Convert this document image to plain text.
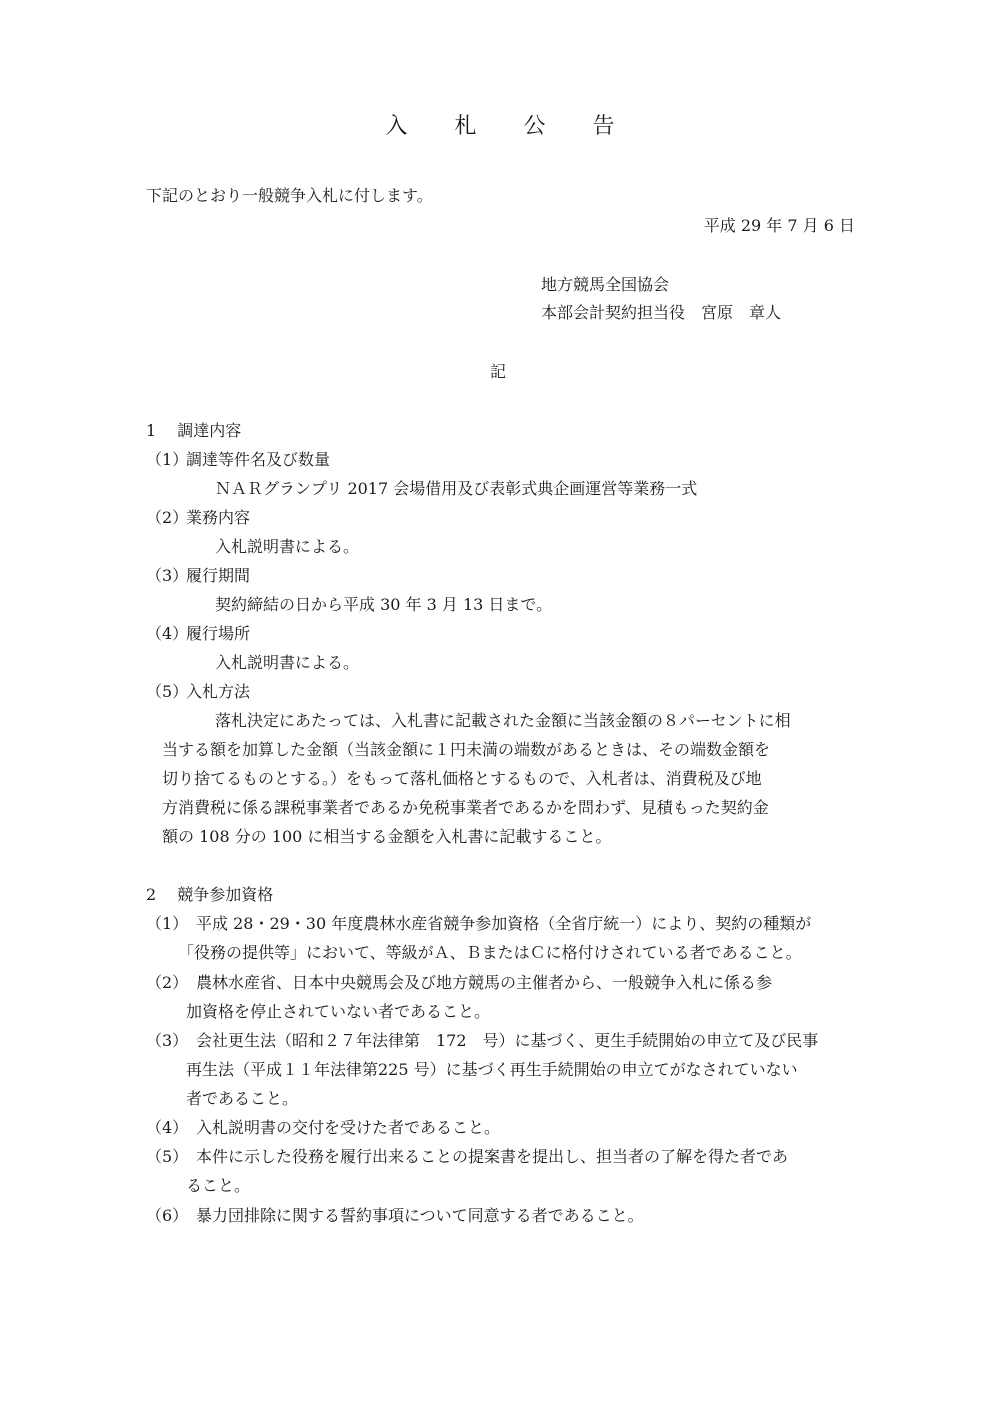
入 札 公 告

下記のとおり一般競争入札に付します。

平成 29 年 7 月 6 日

地方競馬全国協会

本部会計契約担当役　宮原　章人

記

1　 調達内容

（1）
調達等件名及び数量

ＮＡＲグランプリ 2017 会場借用及び表彰式典企画運営等業務一式

（2）
業務内容

入札説明書による。

（3）
履行期間

契約締結の日から平成 30 年 3 月 13 日まで。

（4）
履行場所

入札説明書による。

（5）
入札方法

落札決定にあたっては、入札書に記載された金額に当該金額の８パーセントに相

当する額を加算した金額（当該金額に１円未満の端数があるときは、その端数金額を

切り捨てるものとする。）をもって落札価格とするもので、入札者は、消費税及び地

方消費税に係る課税事業者であるか免税事業者であるかを問わず、見積もった契約金

額の 108 分の 100 に相当する金額を入札書に記載すること。

2　 競争参加資格

（1） 平成 28・29・30 年度農林水産省競争参加資格（全省庁統一）により、契約の種類が

「役務の提供等」において、等級がＡ、ＢまたはＣに格付けされている者であること。

（2） 農林水産省、日本中央競馬会及び地方競馬の主催者から、一般競争入札に係る参

加資格を停止されていない者であること。

（3） 会社更生法（昭和２７年法律第　172　号）に基づく、更生手続開始の申立て及び民事

再生法（平成１１年法律第225 号）に基づく再生手続開始の申立てがなされていない

者であること。

（4） 入札説明書の交付を受けた者であること。

（5） 本件に示した役務を履行出来ることの提案書を提出し、担当者の了解を得た者であ

ること。

（6） 暴力団排除に関する誓約事項について同意する者であること。
